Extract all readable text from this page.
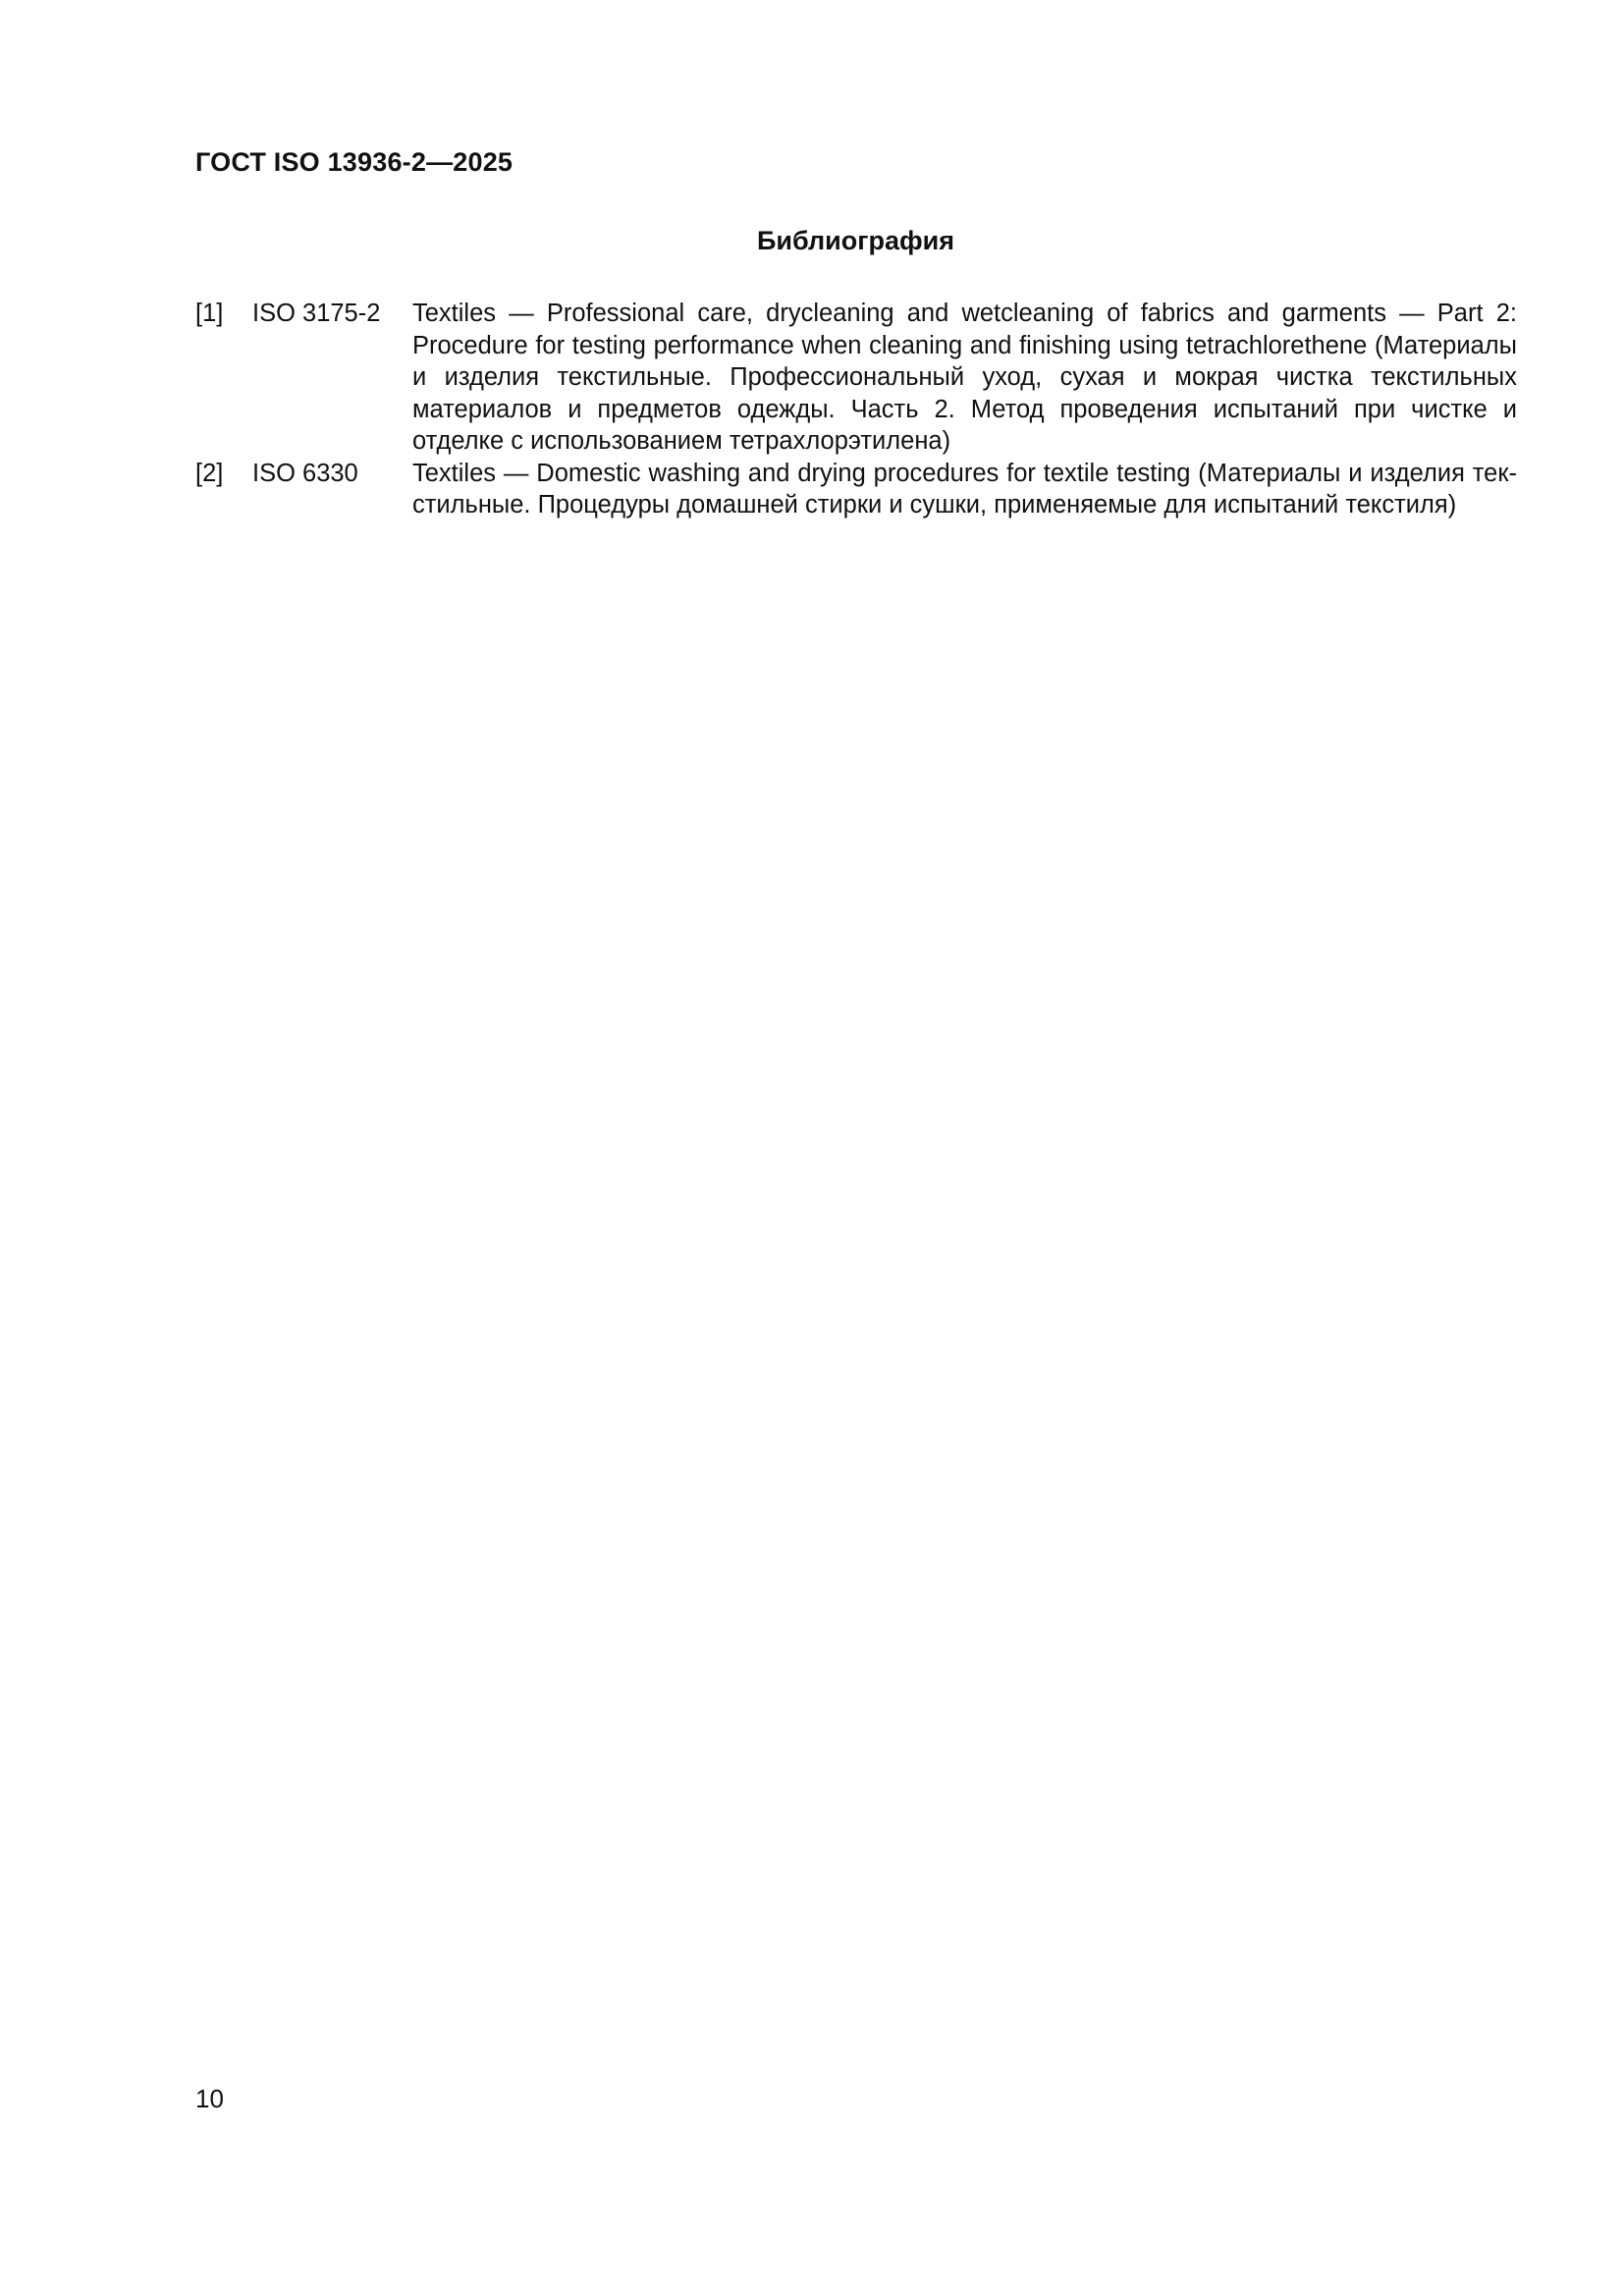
ГОСТ ISO 13936-2—2025
Библиография
[1]	ISO 3175-2	Textiles — Professional care, drycleaning and wetcleaning of fabrics and garments — Part 2: Procedure for testing performance when cleaning and finishing using tetrachlorethene (Материалы и изделия текстильные. Профессиональный уход, сухая и мокрая чистка текстильных материалов и предметов одежды. Часть 2. Метод проведения испытаний при чистке и отделке с использованием тетрахлорэтилена)
[2]	ISO 6330	Textiles — Domestic washing and drying procedures for textile testing (Материалы и изделия текстильные. Процедуры домашней стирки и сушки, применяемые для испытаний текстиля)
10
